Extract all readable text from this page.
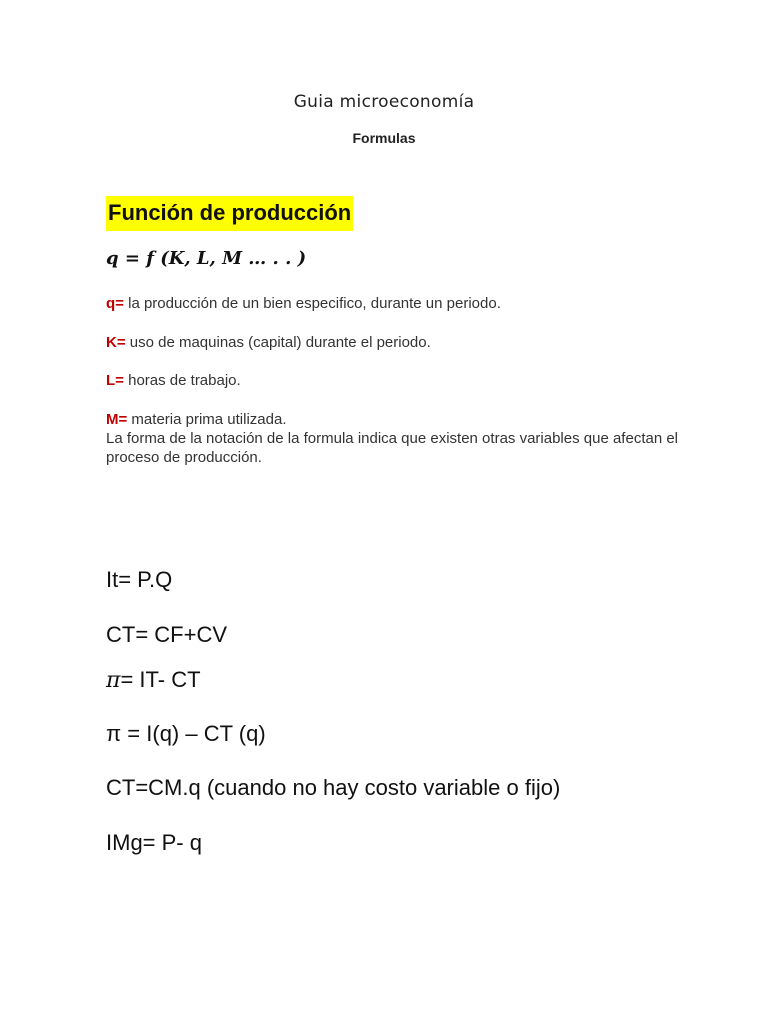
Guia microeconomía
Formulas
Función de producción
q = f (K, L, M … . . )
q= la producción de un bien especifico, durante un periodo.
K= uso de maquinas (capital) durante el periodo.
L= horas de trabajo.
M= materia prima utilizada.
La forma de la notación de la formula indica que existen otras variables que afectan el proceso de producción.
It= P.Q
CT= CF+CV
π= IT- CT
π = I(q) – CT (q)
CT=CM.q (cuando no hay costo variable o fijo)
IMg= P- q
